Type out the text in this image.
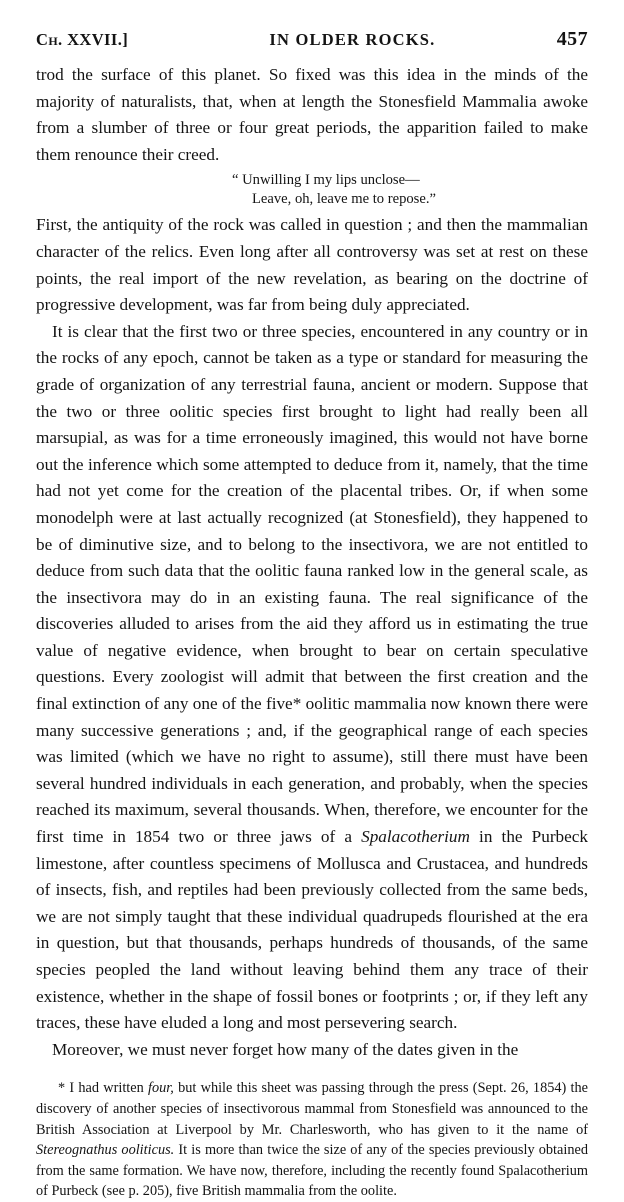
Ch. XXVII.]	IN OLDER ROCKS.	457

trod the surface of this planet. So fixed was this idea in the minds of the majority of naturalists, that, when at length the Stonesfield Mammalia awoke from a slumber of three or four great periods, the apparition failed to make them renounce their creed.

“ Unwilling I my lips unclose—
Leave, oh, leave me to repose.”

First, the antiquity of the rock was called in question ; and then the mammalian character of the relics. Even long after all controversy was set at rest on these points, the real import of the new revelation, as bearing on the doctrine of progressive development, was far from being duly appreciated.

It is clear that the first two or three species, encountered in any country or in the rocks of any epoch, cannot be taken as a type or standard for measuring the grade of organization of any terrestrial fauna, ancient or modern. Suppose that the two or three oolitic species first brought to light had really been all marsupial, as was for a time erroneously imagined, this would not have borne out the inference which some attempted to deduce from it, namely, that the time had not yet come for the creation of the placental tribes. Or, if when some monodelph were at last actually recognized (at Stonesfield), they happened to be of diminutive size, and to belong to the insectivora, we are not entitled to deduce from such data that the oolitic fauna ranked low in the general scale, as the insectivora may do in an existing fauna. The real significance of the discoveries alluded to arises from the aid they afford us in estimating the true value of negative evidence, when brought to bear on certain speculative questions. Every zoologist will admit that between the first creation and the final extinction of any one of the five* oolitic mammalia now known there were many successive generations ; and, if the geographical range of each species was limited (which we have no right to assume), still there must have been several hundred individuals in each generation, and probably, when the species reached its maximum, several thousands. When, therefore, we encounter for the first time in 1854 two or three jaws of a Spalacotherium in the Purbeck limestone, after countless specimens of Mollusca and Crustacea, and hundreds of insects, fish, and reptiles had been previously collected from the same beds, we are not simply taught that these individual quadrupeds flourished at the era in question, but that thousands, perhaps hundreds of thousands, of the same species peopled the land without leaving behind them any trace of their existence, whether in the shape of fossil bones or footprints ; or, if they left any traces, these have eluded a long and most persevering search.

Moreover, we must never forget how many of the dates given in the

* I had written four, but while this sheet was passing through the press (Sept. 26, 1854) the discovery of another species of insectivorous mammal from Stonesfield was announced to the British Association at Liverpool by Mr. Charlesworth, who has given to it the name of Stereognathus ooliticus. It is more than twice the size of any of the species previously obtained from the same formation. We have now, therefore, including the recently found Spalacotherium of Purbeck (see p. 205), five British mammalia from the oolite.
